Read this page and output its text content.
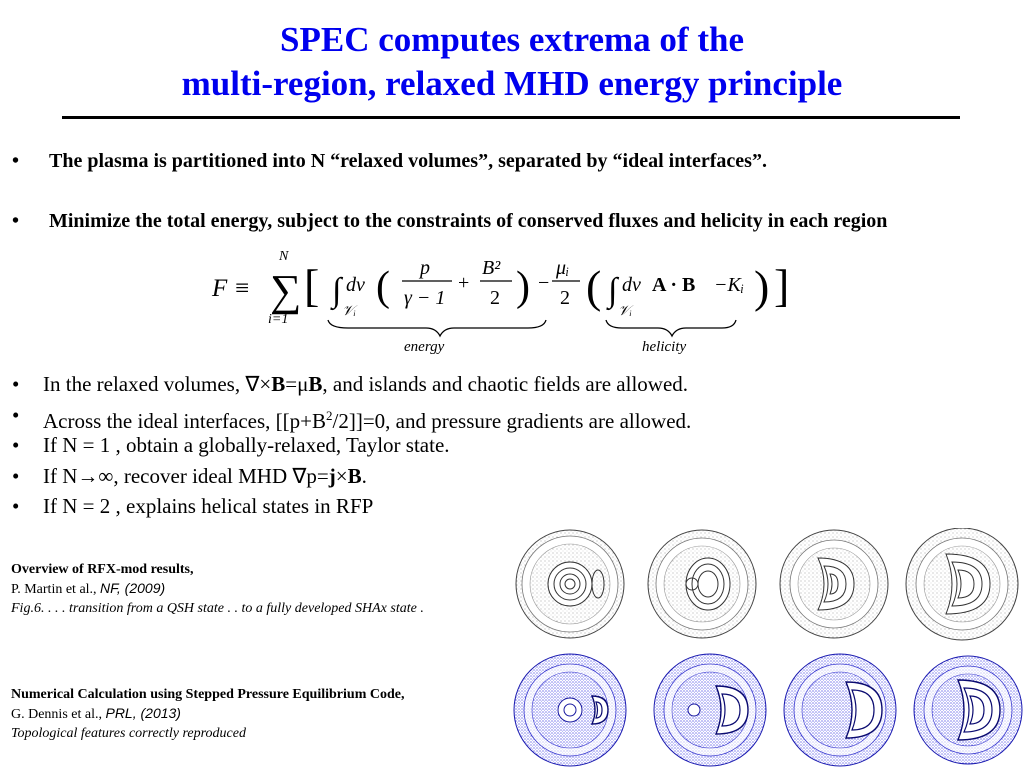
SPEC computes extrema of the
multi-region, relaxed MHD energy principle
• The plasma is partitioned into N “relaxed volumes”, separated by “ideal interfaces”.
• Minimize the total energy, subject to the constraints of conserved fluxes and helicity in each region
F ≡ ∑
N
i=1
[ ∫ dv
𝒱ᵢ
( p
γ − 1
+
B²
2 ) −
μᵢ
2 ( ∫ dv
𝒱ᵢ
A · B −Kᵢ ) ]
energy	helicity
• In the relaxed volumes, ∇×B=μB, and islands and chaotic fields are allowed.
• Across the ideal interfaces, $[[p+B^2/2]]=0$, and pressure gradients are allowed.
• If N = 1 , obtain a globally-relaxed, Taylor state.
• If N→∞, recover ideal MHD ∇p=j×B.
• If N = 2 , explains helical states in RFP
Overview of RFX-mod results,
P. Martin et al., NF, (2009)
Fig.6. . . . transition from a QSH state . . to a fully developed SHAx state .
Numerical Calculation using Stepped Pressure Equilibrium Code,
G. Dennis et al., PRL, (2013)
Topological features correctly reproduced
